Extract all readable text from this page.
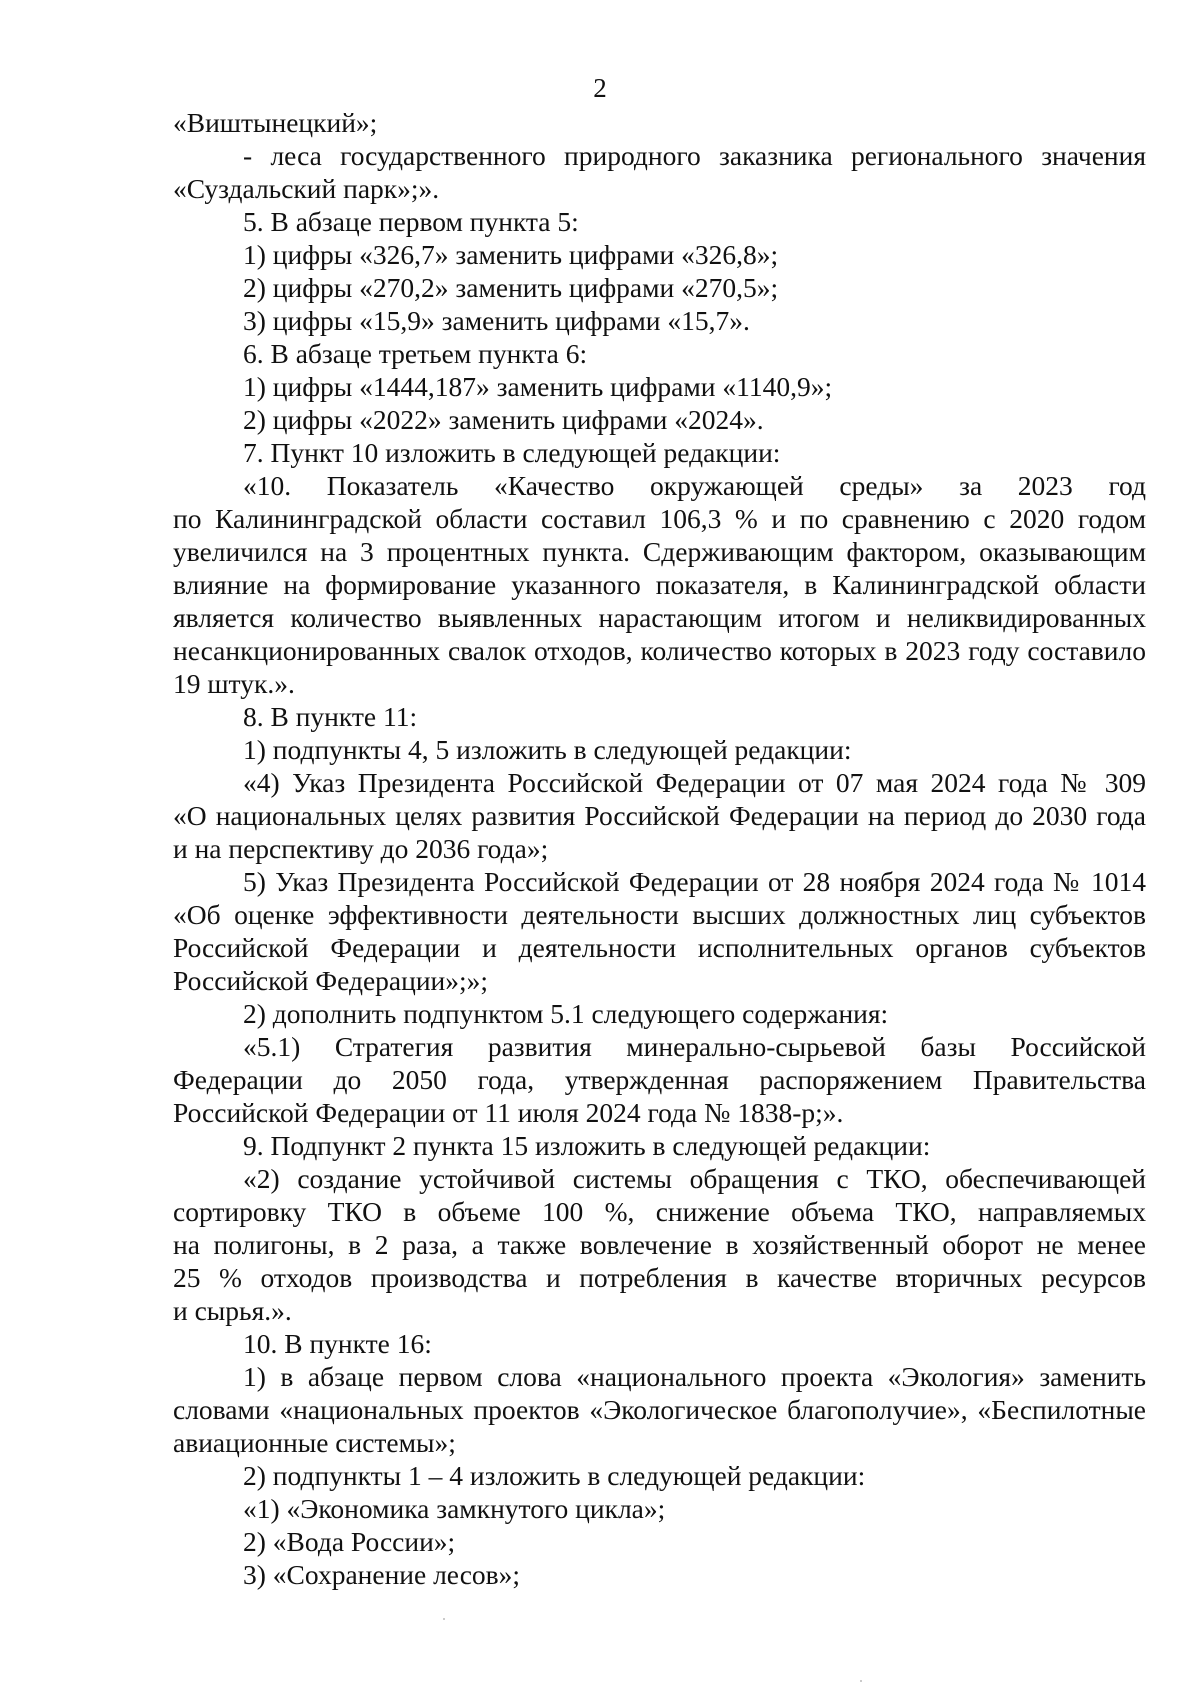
2

«Виштынецкий»;

- леса государственного природного заказника регионального значения

«Суздальский парк»;».

5. В абзаце первом пункта 5:

1) цифры «326,7» заменить цифрами «326,8»;

2) цифры «270,2» заменить цифрами «270,5»;

3) цифры «15,9» заменить цифрами «15,7».

6. В абзаце третьем пункта 6:

1) цифры «1444,187» заменить цифрами «1140,9»;

2) цифры «2022» заменить цифрами «2024».

7. Пункт 10 изложить в следующей редакции:

«10. Показатель «Качество окружающей среды» за 2023 год

по Калининградской области составил 106,3 % и по сравнению с 2020 годом

увеличился на 3 процентных пункта. Сдерживающим фактором, оказывающим

влияние на формирование указанного показателя, в Калининградской области

является количество выявленных нарастающим итогом и неликвидированных

несанкционированных свалок отходов, количество которых в 2023 году составило

19 штук.».

8. В пункте 11:

1) подпункты 4, 5 изложить в следующей редакции:

«4) Указ Президента Российской Федерации от 07 мая 2024 года № 309

«О национальных целях развития Российской Федерации на период до 2030 года

и на перспективу до 2036 года»;

5) Указ Президента Российской Федерации от 28 ноября 2024 года № 1014

«Об оценке эффективности деятельности высших должностных лиц субъектов

Российской Федерации и деятельности исполнительных органов субъектов

Российской Федерации»;»;

2) дополнить подпунктом 5.1 следующего содержания:

«5.1) Стратегия развития минерально-сырьевой базы Российской

Федерации до 2050 года, утвержденная распоряжением Правительства

Российской Федерации от 11 июля 2024 года № 1838-р;».

9. Подпункт 2 пункта 15 изложить в следующей редакции:

«2) создание устойчивой системы обращения с ТКО, обеспечивающей

сортировку ТКО в объеме 100 %, снижение объема ТКО, направляемых

на полигоны, в 2 раза, а также вовлечение в хозяйственный оборот не менее

25 % отходов производства и потребления в качестве вторичных ресурсов

и сырья.».

10. В пункте 16:

1) в абзаце первом слова «национального проекта «Экология» заменить

словами «национальных проектов «Экологическое благополучие», «Беспилотные

авиационные системы»;

2) подпункты 1 – 4 изложить в следующей редакции:

«1) «Экономика замкнутого цикла»;

2) «Вода России»;

3) «Сохранение лесов»;
